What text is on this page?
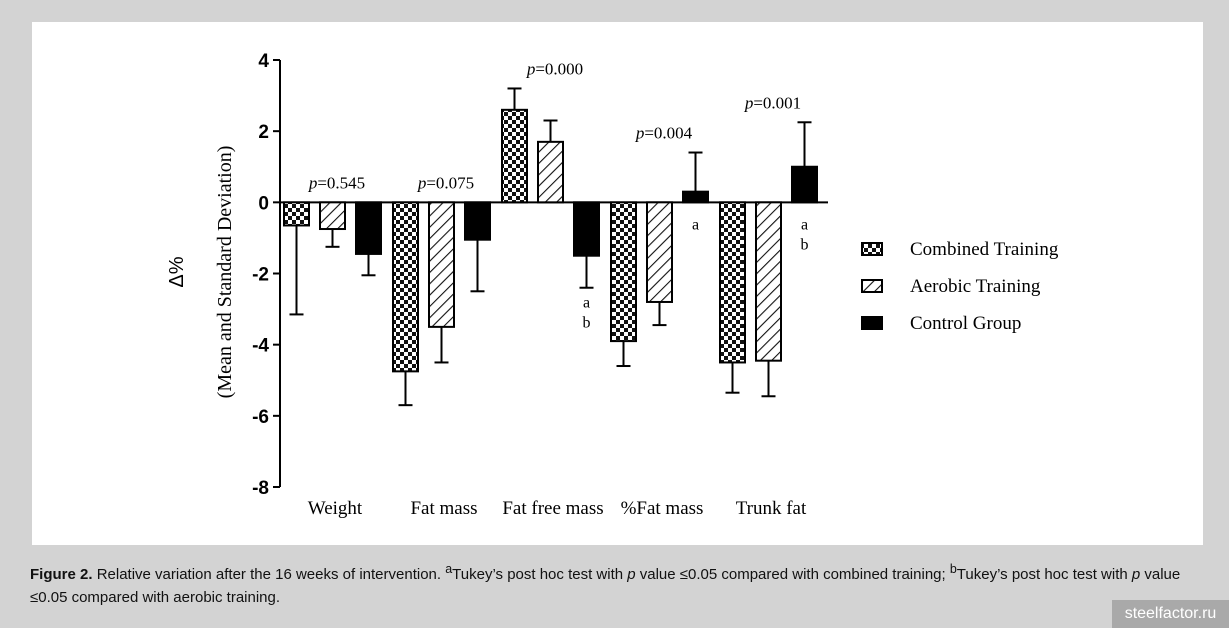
-8
-6
-4
-2
0
2
4
Δ% (Mean and Standard Deviation)
Weight	Fat mass Fat free mass %Fat mass Trunk fat
p=0.545	p=0.075
p=0.000
p=0.004
p=0.001
a
b
a	a
b	Combined Training
Aerobic Training
Control Group
Figure 2. Relative variation after the 16 weeks of intervention. $^a$Tukey’s post hoc test with p value ≤0.05 compared with combined training; $^b$Tukey’s post hoc test with p value ≤0.05 compared with aerobic training.
steelfactor.ru
